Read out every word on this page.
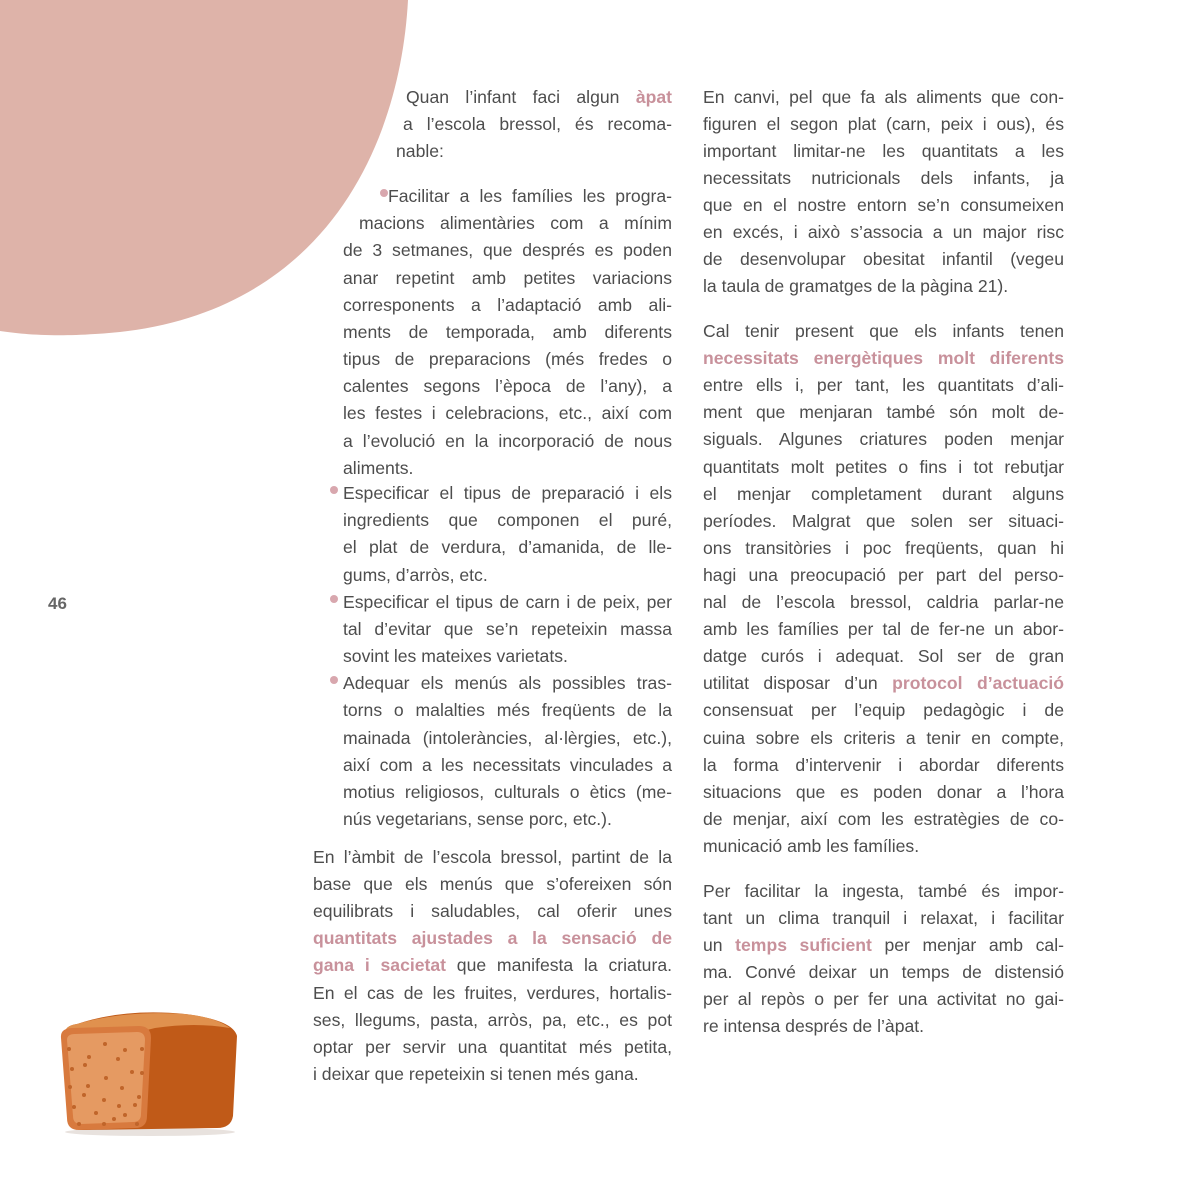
46
Quan l’infant faci algun àpat
a l’escola bressol, és recoma-
nable:
Facilitar a les famílies les progra-
macions alimentàries com a mínim
de 3 setmanes, que després es poden
anar repetint amb petites variacions
corresponents a l’adaptació amb ali-
ments de temporada, amb diferents
tipus de preparacions (més fredes o
calentes segons l’època de l’any), a
les festes i celebracions, etc., així com
a l’evolució en la incorporació de nous
aliments.
Especificar el tipus de preparació i els
ingredients que componen el puré,
el plat de verdura, d’amanida, de lle-
gums, d’arròs, etc.
Especificar el tipus de carn i de peix, per
tal d’evitar que se’n repeteixin massa
sovint les mateixes varietats.
Adequar els menús als possibles tras-
torns o malalties més freqüents de la
mainada (intoleràncies, al·lèrgies, etc.),
així com a les necessitats vinculades a
motius religiosos, culturals o ètics (me-
nús vegetarians, sense porc, etc.).
En l’àmbit de l’escola bressol, partint de la
base que els menús que s’ofereixen són
equilibrats i saludables, cal oferir unes
quantitats ajustades a la sensació de
gana i sacietat que manifesta la criatura.
En el cas de les fruites, verdures, hortalis-
ses, llegums, pasta, arròs, pa, etc., es pot
optar per servir una quantitat més petita,
i deixar que repeteixin si tenen més gana.
En canvi, pel que fa als aliments que con-
figuren el segon plat (carn, peix i ous), és
important limitar-ne les quantitats a les
necessitats nutricionals dels infants, ja
que en el nostre entorn se’n consumeixen
en excés, i això s’associa a un major risc
de desenvolupar obesitat infantil (vegeu
la taula de gramatges de la pàgina 21).
Cal tenir present que els infants tenen
necessitats energètiques molt diferents
entre ells i, per tant, les quantitats d’ali-
ment que menjaran també són molt de-
siguals. Algunes criatures poden menjar
quantitats molt petites o fins i tot rebutjar
el menjar completament durant alguns
períodes. Malgrat que solen ser situaci-
ons transitòries i poc freqüents, quan hi
hagi una preocupació per part del perso-
nal de l’escola bressol, caldria parlar-ne
amb les famílies per tal de fer-ne un abor-
datge curós i adequat. Sol ser de gran
utilitat disposar d’un protocol d’actuació
consensuat per l’equip pedagògic i de
cuina sobre els criteris a tenir en compte,
la forma d’intervenir i abordar diferents
situacions que es poden donar a l’hora
de menjar, així com les estratègies de co-
municació amb les famílies.
Per facilitar la ingesta, també és impor-
tant un clima tranquil i relaxat, i facilitar
un temps suficient per menjar amb cal-
ma. Convé deixar un temps de distensió
per al repòs o per fer una activitat no gai-
re intensa després de l’àpat.
